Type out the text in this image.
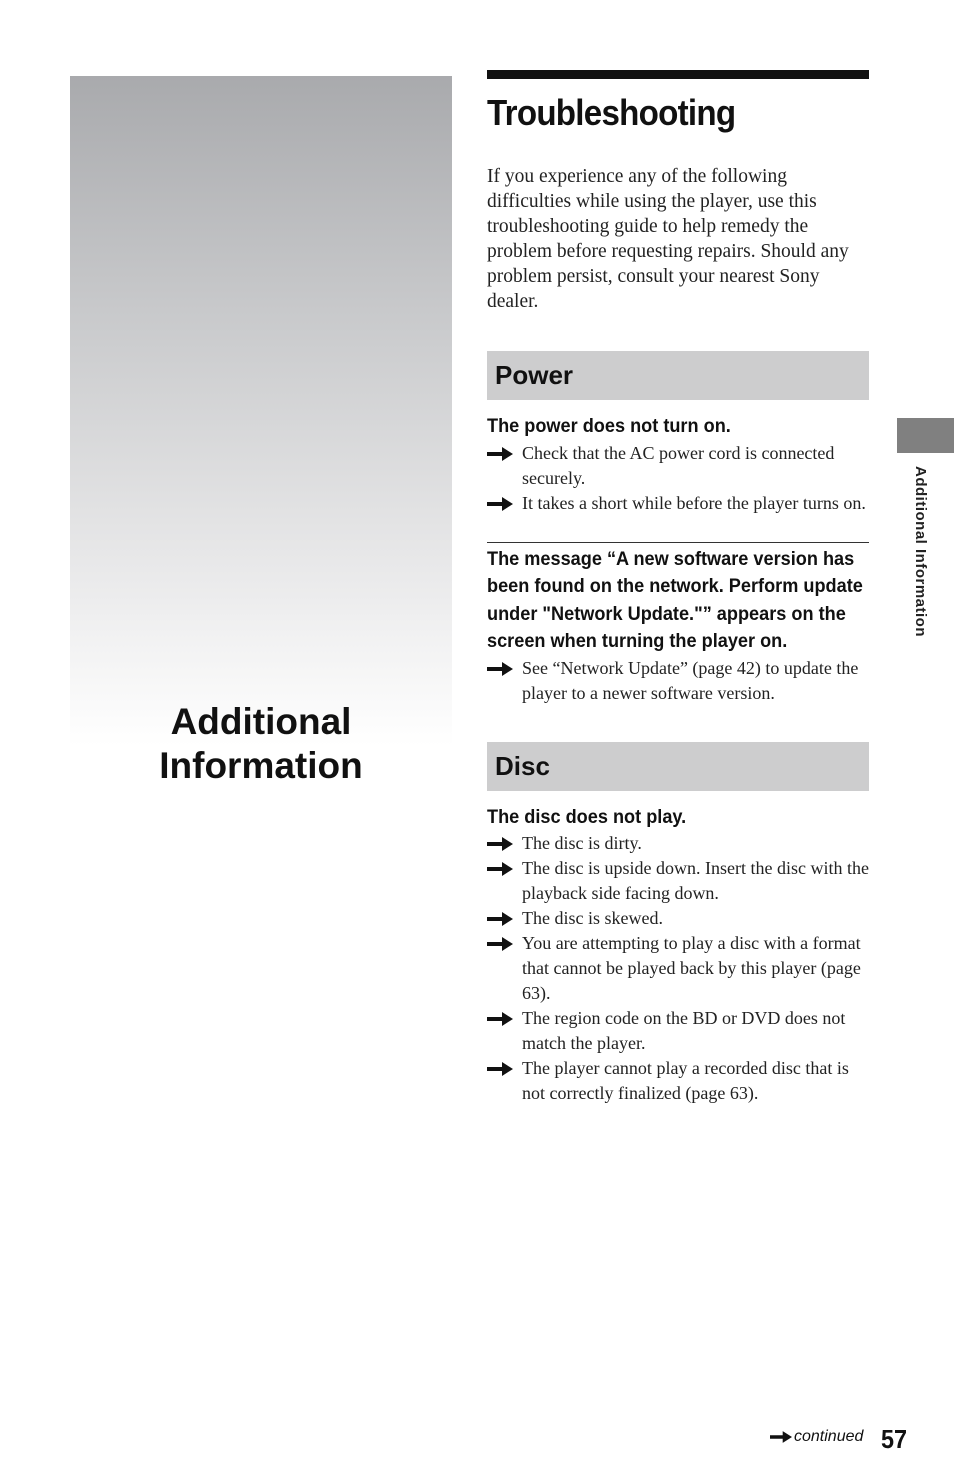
Additional
Information
Troubleshooting

If you experience any of the following difficulties while using the player, use this troubleshooting guide to help remedy the problem before requesting repairs. Should any problem persist, consult your nearest Sony dealer.

Power
The power does not turn on.
Check that the AC power cord is connected securely.
It takes a short while before the player turns on.
The message “A new software version has been found on the network. Perform update under "Network Update."” appears on the screen when turning the player on.
See “Network Update” (page 42) to update the player to a newer software version.
Disc
The disc does not play.
The disc is dirty.
The disc is upside down. Insert the disc with the playback side facing down.
The disc is skewed.
You are attempting to play a disc with a format that cannot be played back by this player (page 63).
The region code on the BD or DVD does not match the player.
The player cannot play a recorded disc that is not correctly finalized (page 63).
Additional Information
continued 57
